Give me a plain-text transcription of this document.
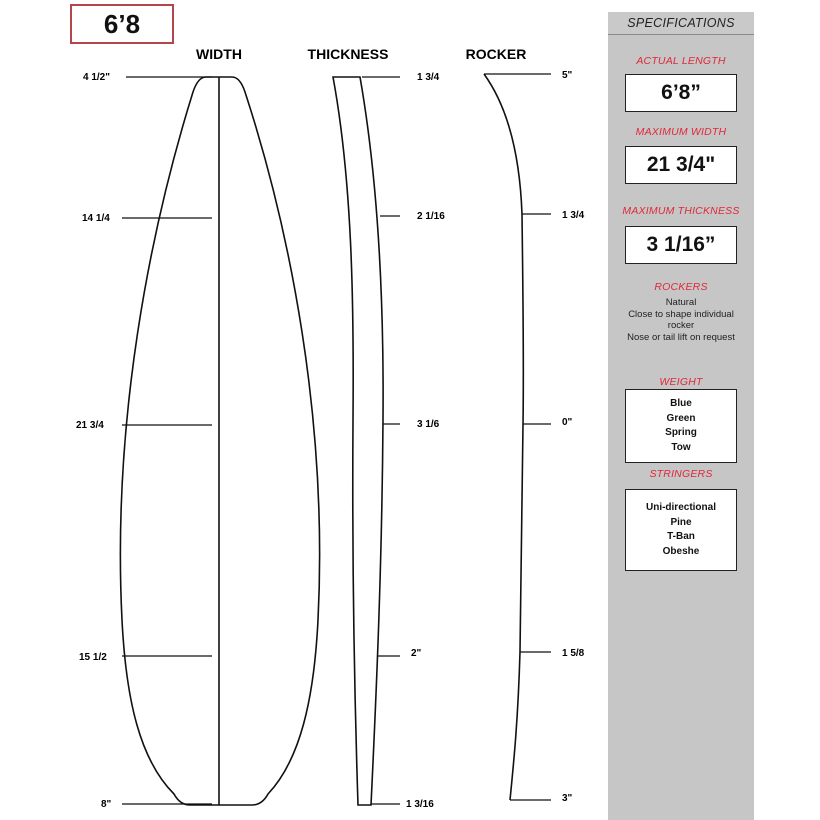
WIDTH	THICKNESS	ROCKER
4 1/2"
14 1/4
21 3/4
15 1/2
8"
1 3/4
2 1/16
3 1/6
2"
1 3/16
5"
1 3/4
0"
1 5/8
3"
6’8	SPECIFICATIONS
ACTUAL LENGTH
6’8”
MAXIMUM WIDTH
21 3/4"
MAXIMUM THICKNESS
3 1/16”
ROCKERS
Natural
Close to shape individual
rocker
Nose or tail lift on request
WEIGHT
Blue
Green
Spring
Tow
STRINGERS
Uni-directional
Pine
T-Ban
Obeshe
